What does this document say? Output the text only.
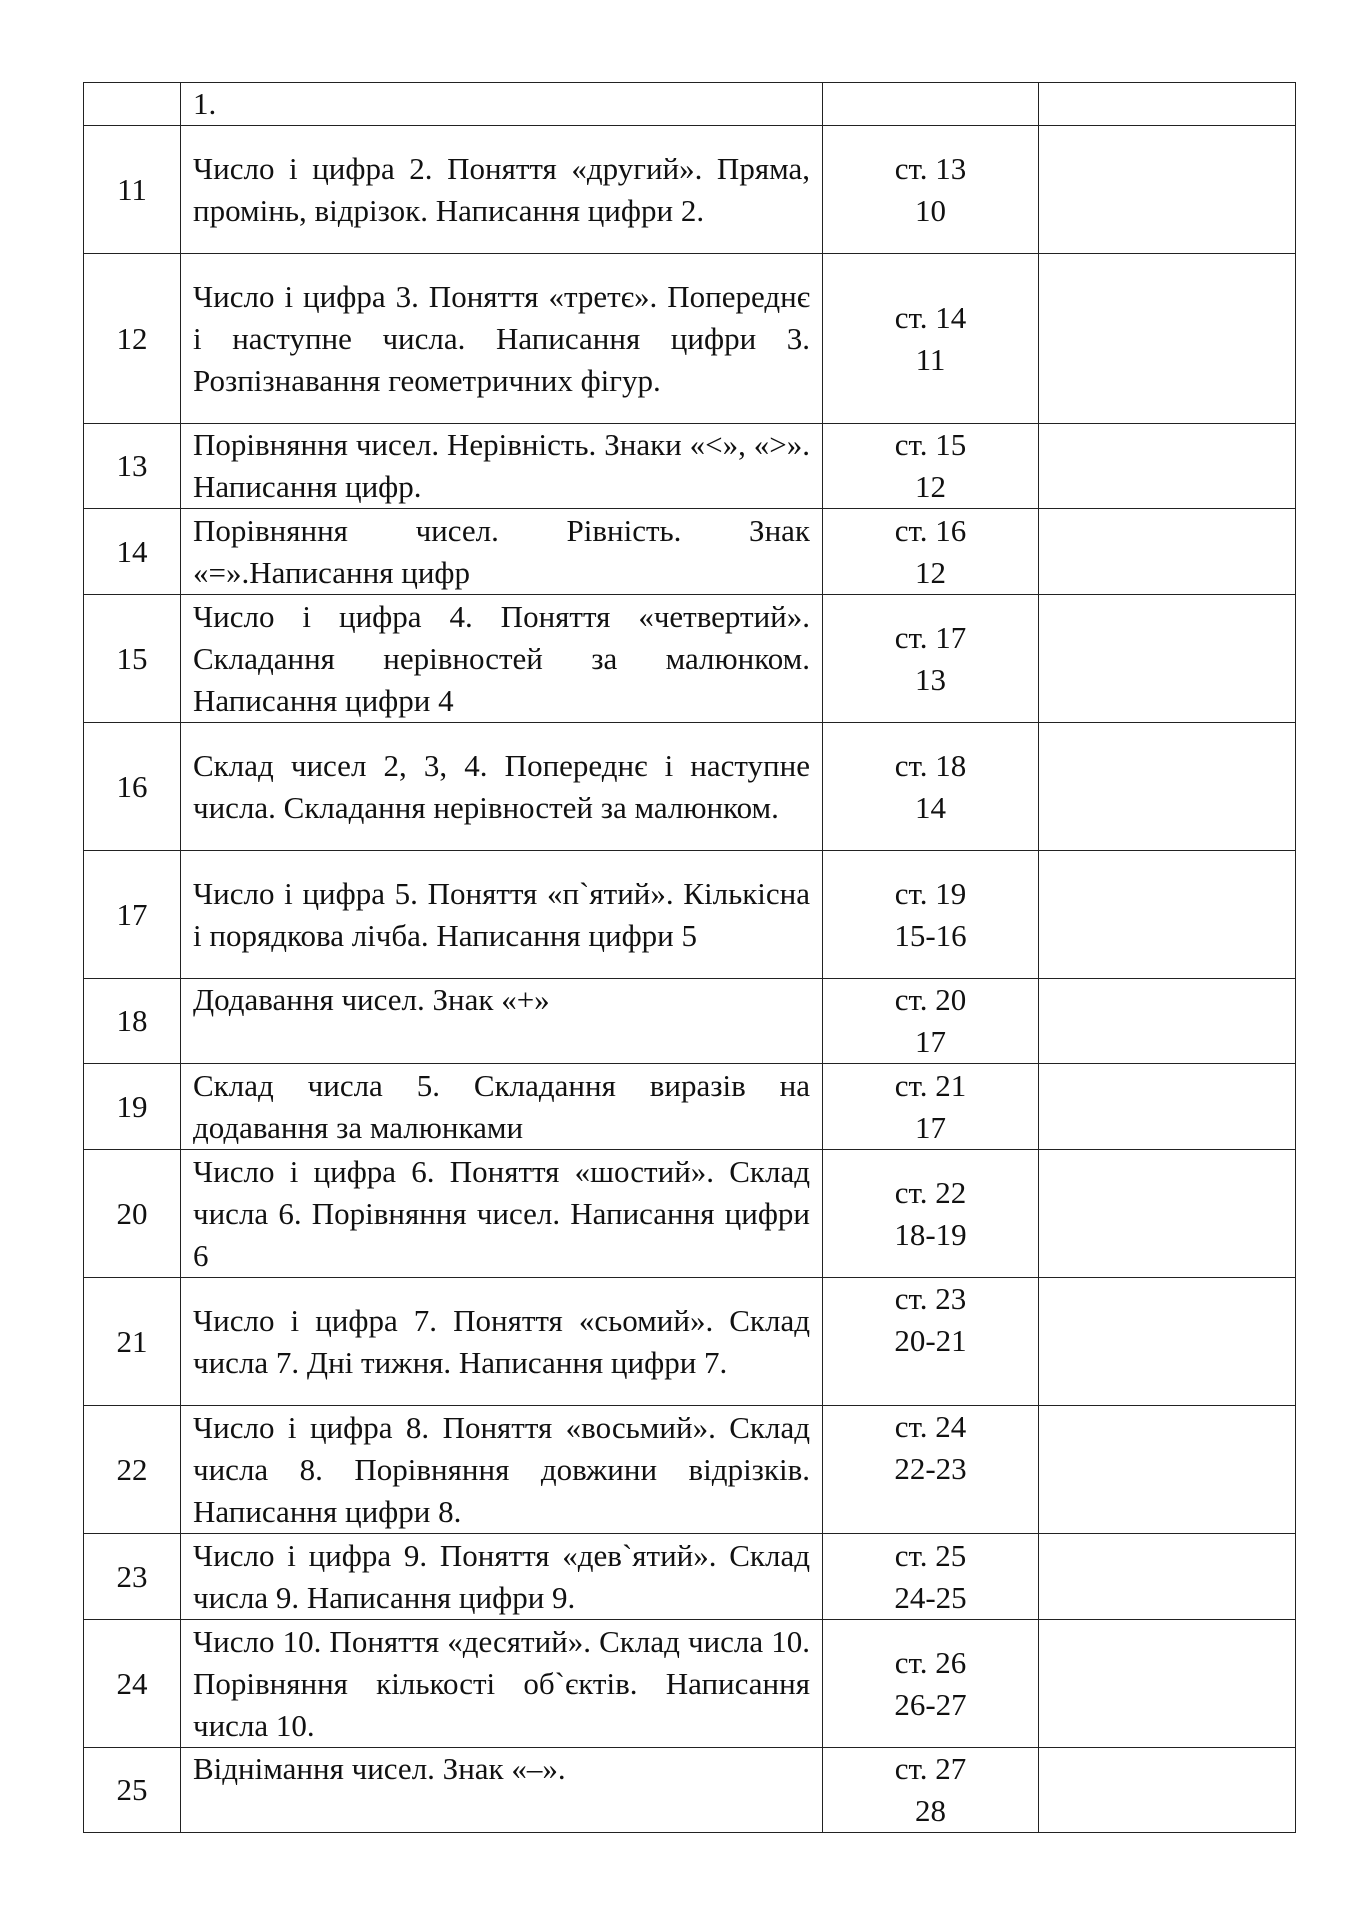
	1.	

11	Число і цифра 2. Поняття «другий». Пряма, промінь, відрізок. Написання цифри 2.	ст. 13
10	

12	Число і цифра 3. Поняття «третє». Попереднє і наступне числа. Написання цифри 3. Розпізнавання геометричних фігур.	ст. 14
11	

13	Порівняння чисел. Нерівність. Знаки «<», «>». Написання цифр.	ст. 15
12	

14	Порівняння чисел. Рівність. Знак «=».Написання цифр	ст. 16
12	

15	Число і цифра 4. Поняття «четвертий». Складання нерівностей за малюнком. Написання цифри 4	ст. 17
13	

16	Склад чисел 2, 3, 4. Попереднє і наступне числа. Складання нерівностей за малюнком.	ст. 18
14	

17	Число і цифра 5. Поняття «п`ятий». Кількісна і порядкова лічба. Написання цифри 5	ст. 19
15-16	

18	Додавання чисел. Знак «+»	ст. 20
17	

19	Склад числа 5. Складання виразів на додавання за малюнками	ст. 21
17	

20	Число і цифра 6. Поняття «шостий». Склад числа 6. Порівняння чисел. Написання цифри 6	ст. 22
18-19	

21	Число і цифра 7. Поняття «сьомий». Склад числа 7. Дні тижня. Написання цифри 7.	ст. 23
20-21	

22	Число і цифра 8. Поняття «восьмий». Склад числа 8. Порівняння довжини відрізків. Написання цифри 8.	ст. 24
22-23	

23	Число і цифра 9. Поняття «дев`ятий». Склад числа 9. Написання цифри 9.	ст. 25
24-25	

24	Число 10. Поняття «десятий». Склад числа 10. Порівняння кількості об`єктів. Написання числа 10.	ст. 26
26-27	

25	Віднімання чисел. Знак «–».	ст. 27
28	
